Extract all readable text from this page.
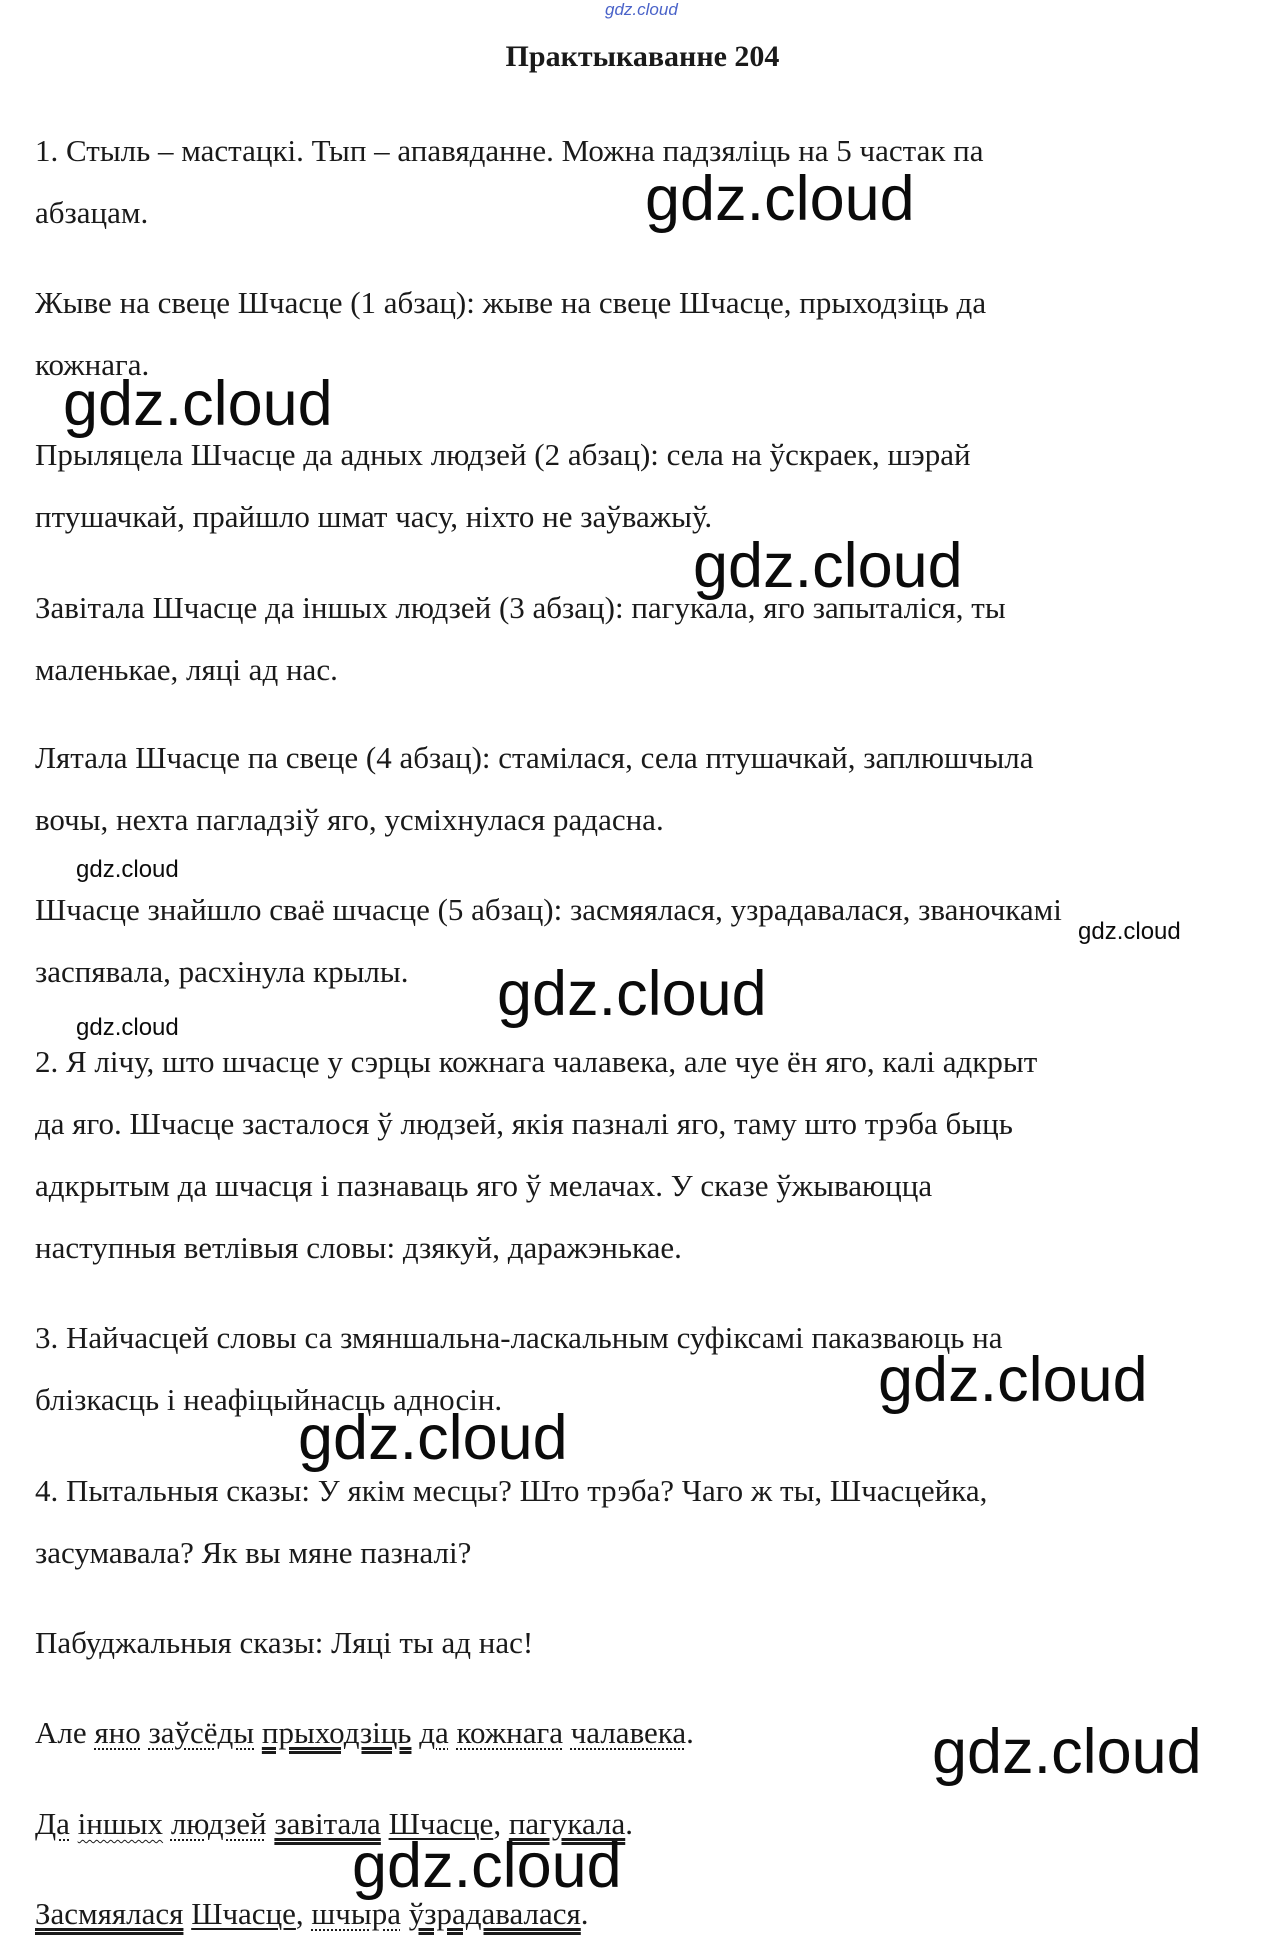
gdz.cloud
Практыкаванне 204
1. Стыль – мастацкі. Тып – апавяданне. Можна падзяліць на 5 частак па
абзацам.
Жыве на свеце Шчасце (1 абзац): жыве на свеце Шчасце, прыходзіць да
кожнага.
Прыляцела Шчасце да адных людзей (2 абзац): села на ўскраек, шэрай
птушачкай, прайшло шмат часу, ніхто не заўважыў.
Завітала Шчасце да іншых людзей (3 абзац): пагукала, яго запыталіся, ты
маленькае, ляці ад нас.
Лятала Шчасце па свеце (4 абзац): стамілася, села птушачкай, заплюшчыла
вочы, нехта пагладзіў яго, усміхнулася радасна.
Шчасце знайшло сваё шчасце (5 абзац): засмяялася, узрадавалася, званочкамі
заспявала, расхінула крылы.
2. Я лічу, што шчасце у сэрцы кожнага чалавека, але чуе ён яго, калі адкрыт
да яго. Шчасце засталося ў людзей, якія пазналі яго, таму што трэба быць
адкрытым да шчасця і пазнаваць яго ў мелачах. У сказе ўжываюцца
наступныя ветлівыя словы: дзякуй, даражэнькае.
3. Найчасцей словы са змяншальна-ласкальным суфіксамі паказваюць на
блізкасць і неафіцыйнасць адносін.
4. Пытальныя сказы: У якім месцы? Што трэба? Чаго ж ты, Шчасцейка,
засумавала? Як вы мяне пазналі?
Пабуджальныя сказы: Ляці ты ад нас!
Але яно заўсёды прыходзіць да кожнага чалавека.
Да іншых людзей завітала Шчасце, пагукала.
Засмяялася Шчасце, шчыра ўзрадавалася.
gdz.cloud
gdz.cloud
gdz.cloud
gdz.cloud
gdz.cloud
gdz.cloud
gdz.cloud
gdz.cloud
gdz.cloud
gdz.cloud
gdz.cloud
